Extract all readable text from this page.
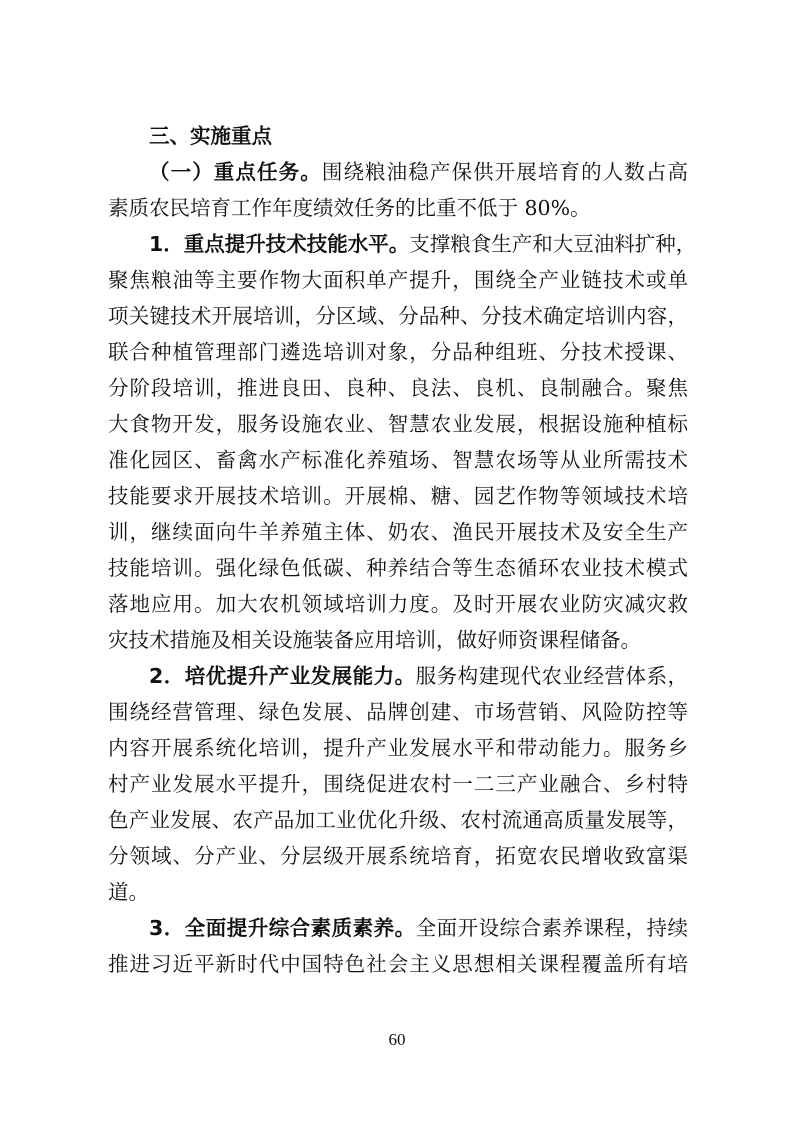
三、实施重点
（一）重点任务。围绕粮油稳产保供开展培育的人数占高
素质农民培育工作年度绩效任务的比重不低于 80%。
1．重点提升技术技能水平。支撑粮食生产和大豆油料扩种，
聚焦粮油等主要作物大面积单产提升，围绕全产业链技术或单
项关键技术开展培训，分区域、分品种、分技术确定培训内容，
联合种植管理部门遴选培训对象，分品种组班、分技术授课、
分阶段培训，推进良田、良种、良法、良机、良制融合。聚焦
大食物开发，服务设施农业、智慧农业发展，根据设施种植标
准化园区、畜禽水产标准化养殖场、智慧农场等从业所需技术
技能要求开展技术培训。开展棉、糖、园艺作物等领域技术培
训，继续面向牛羊养殖主体、奶农、渔民开展技术及安全生产
技能培训。强化绿色低碳、种养结合等生态循环农业技术模式
落地应用。加大农机领域培训力度。及时开展农业防灾减灾救
灾技术措施及相关设施装备应用培训，做好师资课程储备。
2．培优提升产业发展能力。服务构建现代农业经营体系，
围绕经营管理、绿色发展、品牌创建、市场营销、风险防控等
内容开展系统化培训，提升产业发展水平和带动能力。服务乡
村产业发展水平提升，围绕促进农村一二三产业融合、乡村特
色产业发展、农产品加工业优化升级、农村流通高质量发展等，
分领域、分产业、分层级开展系统培育，拓宽农民增收致富渠
道。
3．全面提升综合素质素养。全面开设综合素养课程，持续
推进习近平新时代中国特色社会主义思想相关课程覆盖所有培
60
